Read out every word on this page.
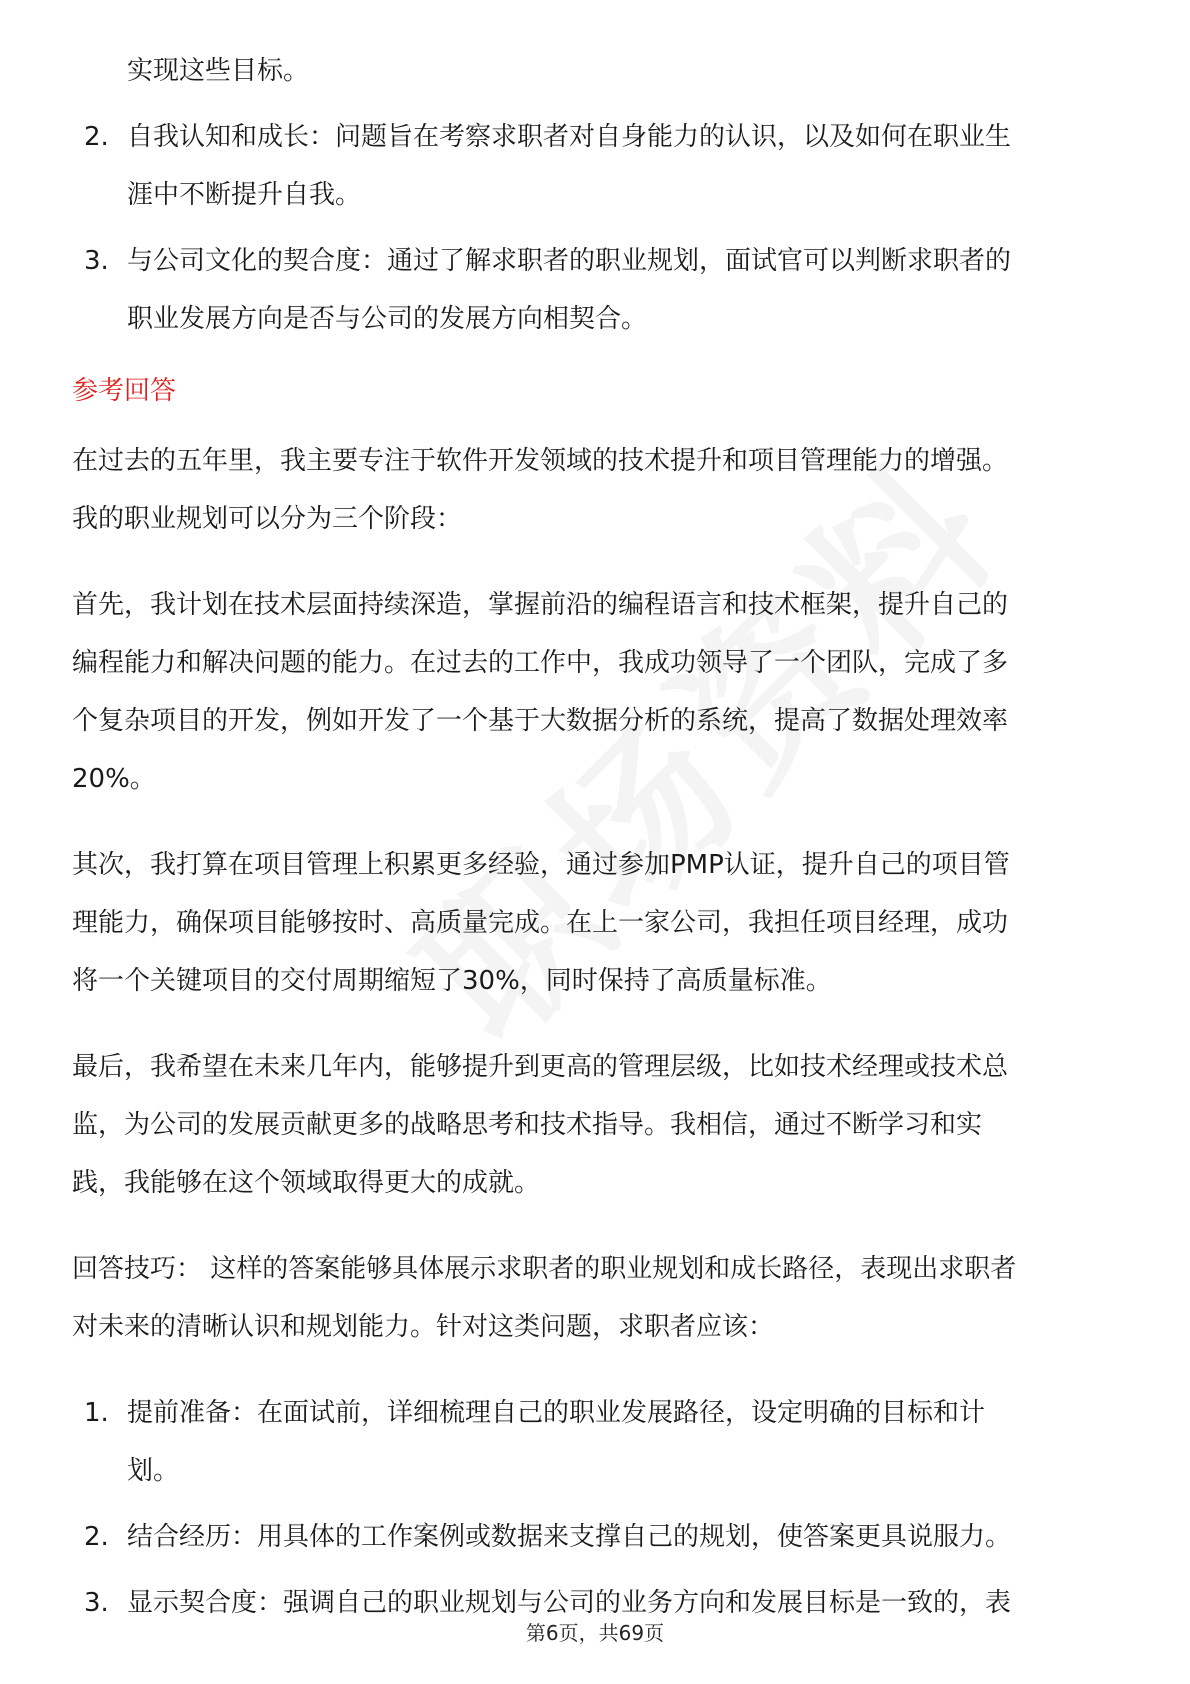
实现这些目标。

2. 自我认知和成长：问题旨在考察求职者对自身能力的认识，以及如何在职业生

涯中不断提升自我。

3. 与公司文化的契合度：通过了解求职者的职业规划，面试官可以判断求职者的

职业发展方向是否与公司的发展方向相契合。

参考回答

在过去的五年里，我主要专注于软件开发领域的技术提升和项目管理能力的增强。

我的职业规划可以分为三个阶段：

首先，我计划在技术层面持续深造，掌握前沿的编程语言和技术框架，提升自己的

编程能力和解决问题的能力。在过去的工作中，我成功领导了一个团队，完成了多

个复杂项目的开发，例如开发了一个基于大数据分析的系统，提高了数据处理效率

20%。

其次，我打算在项目管理上积累更多经验，通过参加PMP认证，提升自己的项目管

理能力，确保项目能够按时、高质量完成。在上一家公司，我担任项目经理，成功

将一个关键项目的交付周期缩短了30%，同时保持了高质量标准。

最后，我希望在未来几年内，能够提升到更高的管理层级，比如技术经理或技术总

监，为公司的发展贡献更多的战略思考和技术指导。我相信，通过不断学习和实

践，我能够在这个领域取得更大的成就。

回答技巧： 这样的答案能够具体展示求职者的职业规划和成长路径，表现出求职者

对未来的清晰认识和规划能力。针对这类问题，求职者应该：

1. 提前准备：在面试前，详细梳理自己的职业发展路径，设定明确的目标和计

划。

2. 结合经历：用具体的工作案例或数据来支撑自己的规划，使答案更具说服力。

3. 显示契合度：强调自己的职业规划与公司的业务方向和发展目标是一致的，表

第6页，共69页
